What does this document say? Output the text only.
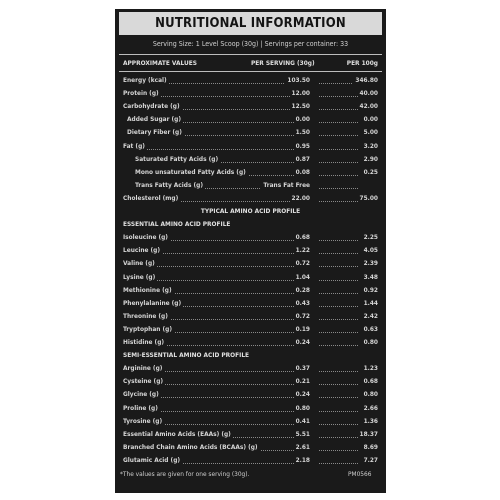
NUTRITIONAL INFORMATION
Serving Size: 1 Level Scoop (30g) | Servings per container: 33
APPROXIMATE VALUES	PER SERVING (30g)	PER 100g
Energy (kcal)	103.50	346.80
Protein (g)	12.00	40.00
Carbohydrate (g)	12.50	42.00
Added Sugar (g)	0.00	0.00
Dietary Fiber (g)	1.50	5.00
Fat (g)	0.95	3.20
Saturated Fatty Acids (g)	0.87	2.90
Mono unsaturated Fatty Acids (g)	0.08	0.25
Trans Fatty Acids (g)	Trans Fat Free
Cholesterol (mg)	22.00	75.00
TYPICAL AMINO ACID PROFILE
ESSENTIAL AMINO ACID PROFILE
Isoleucine (g)	0.68	2.25
Leucine (g)	1.22	4.05
Valine (g)	0.72	2.39
Lysine (g)	1.04	3.48
Methionine (g)	0.28	0.92
Phenylalanine (g)	0.43	1.44
Threonine (g)	0.72	2.42
Tryptophan (g)	0.19	0.63
Histidine (g)	0.24	0.80
SEMI-ESSENTIAL AMINO ACID PROFILE
Arginine (g)	0.37	1.23
Cysteine (g)	0.21	0.68
Glycine (g)	0.24	0.80
Proline (g)	0.80	2.66
Tyrosine (g)	0.41	1.36
Essential Amino Acids (EAAs) (g)	5.51	18.37
Branched Chain Amino Acids (BCAAs) (g)	2.61	8.69
Glutamic Acid (g)	2.18	7.27
*The values are given for one serving (30g).	PM0566
